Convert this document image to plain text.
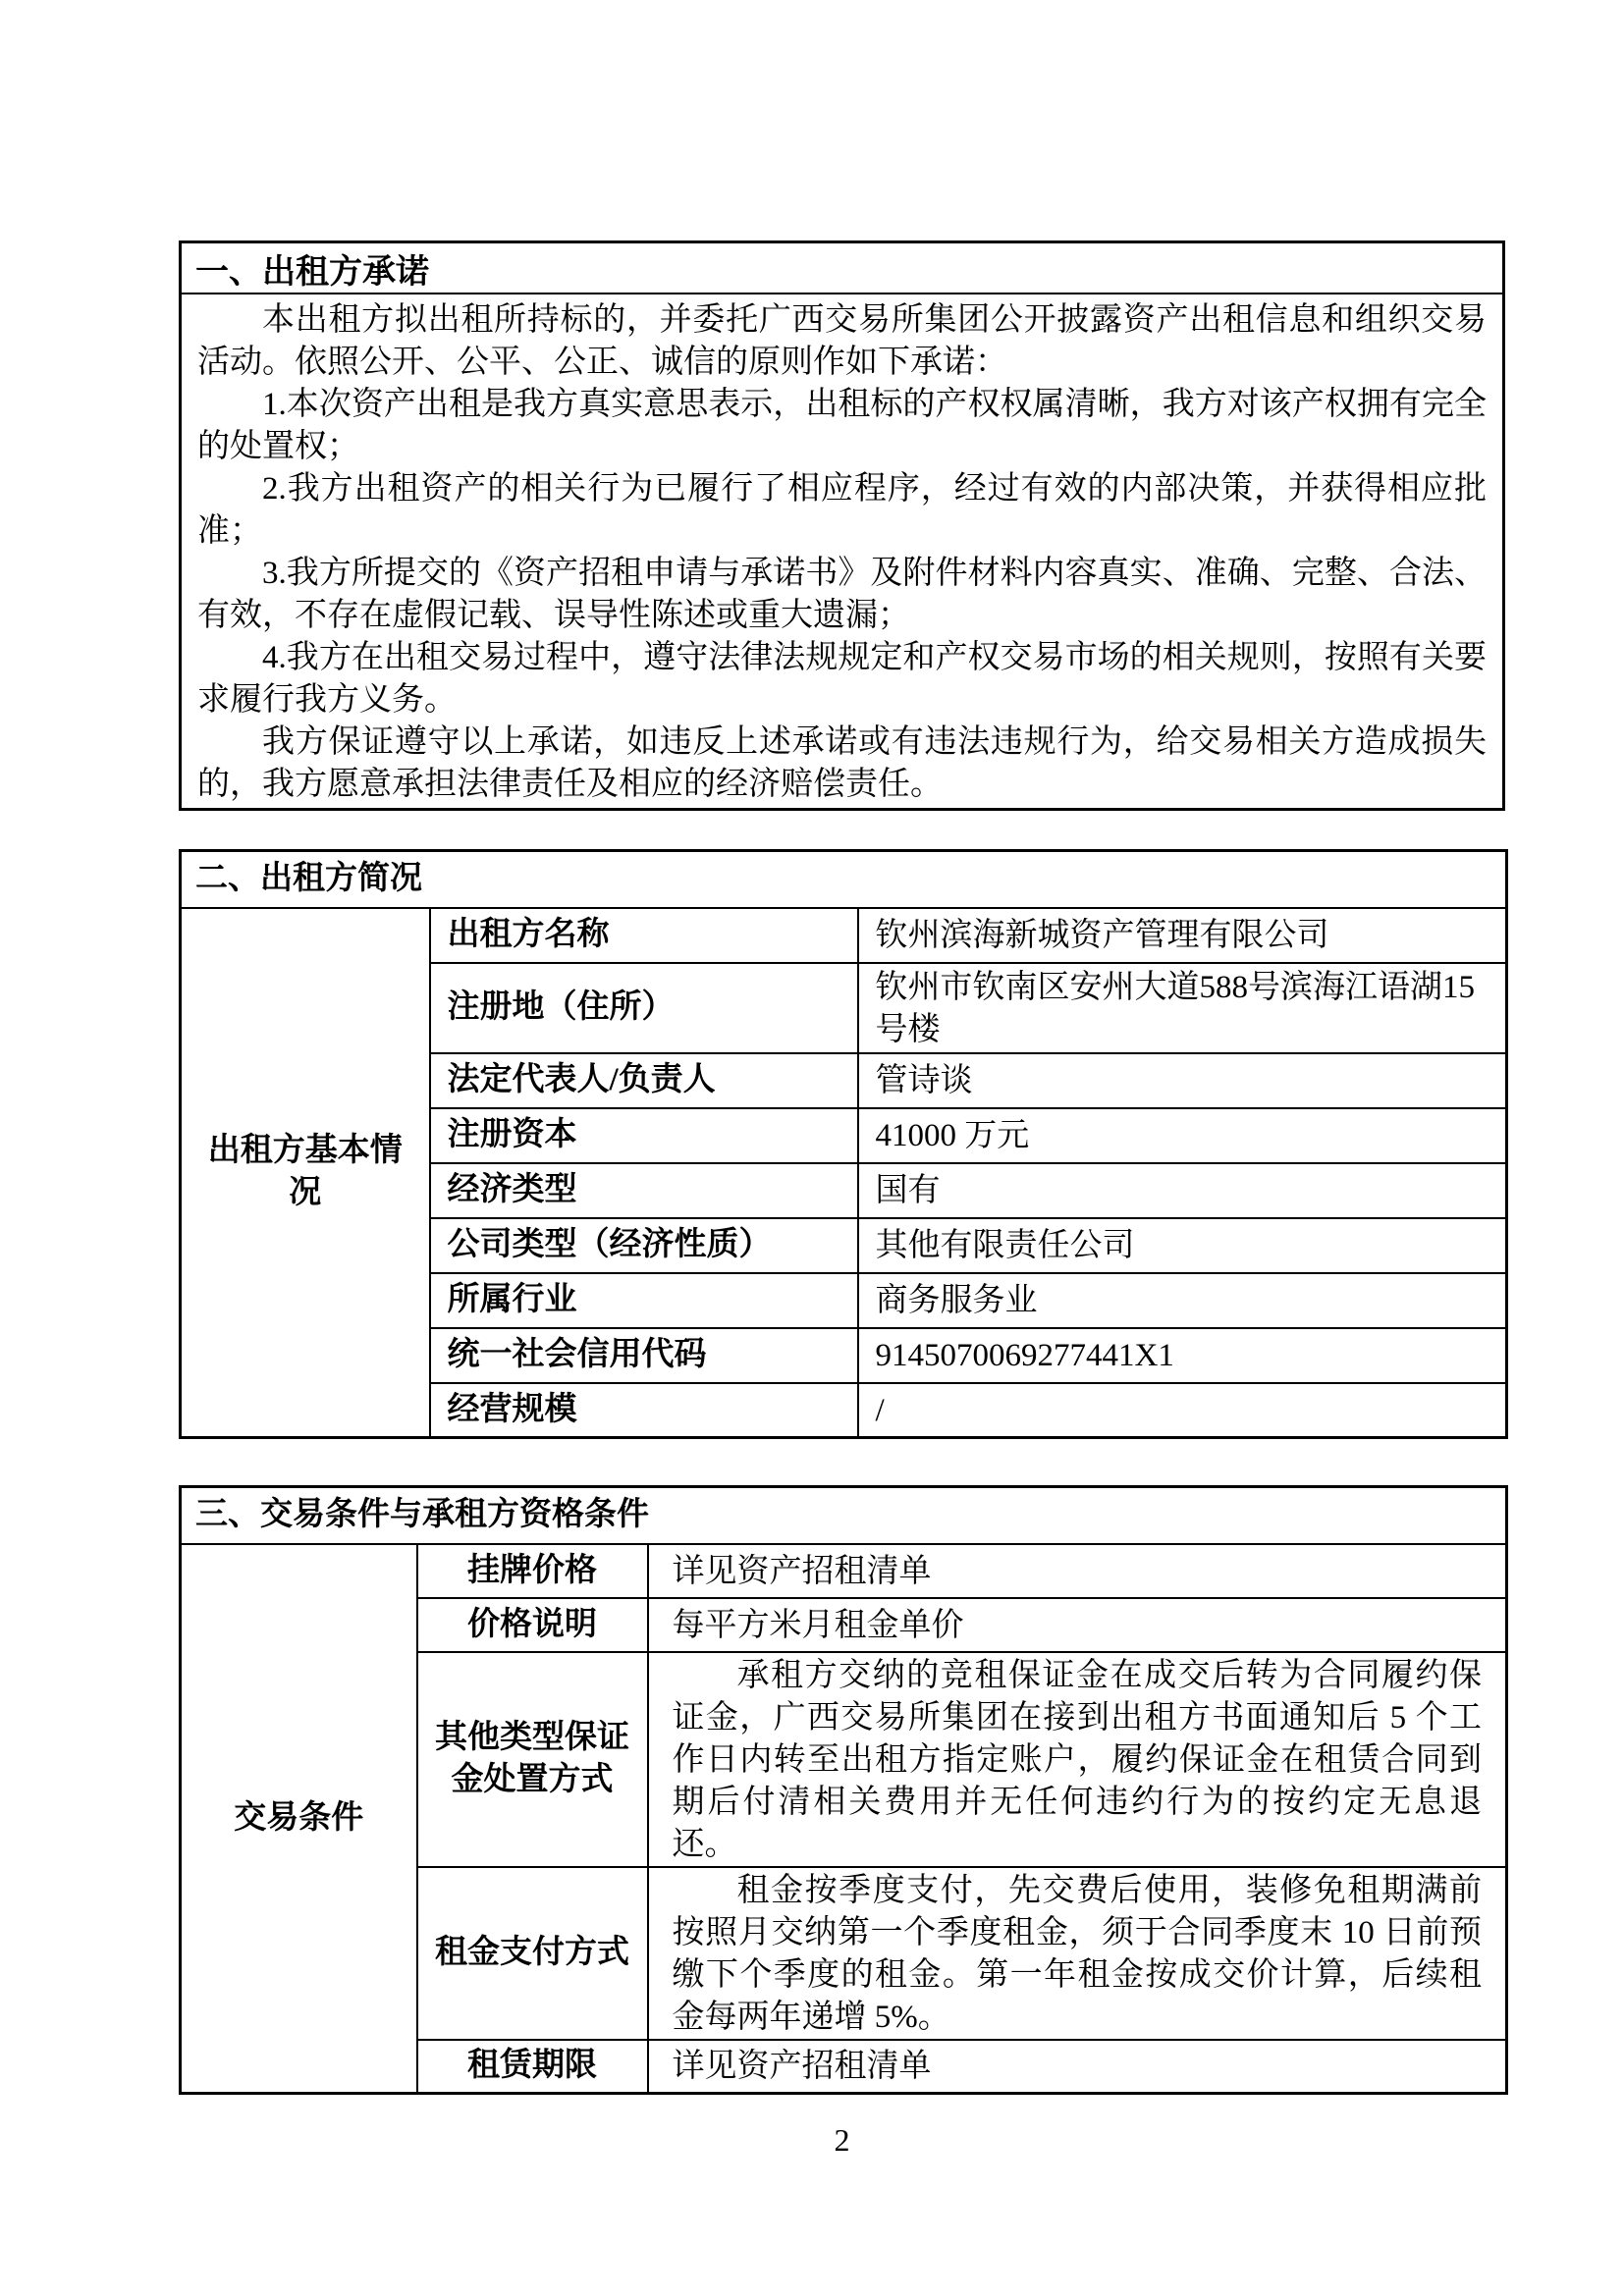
一、出租方承诺

本出租方拟出租所持标的，并委托广西交易所集团公开披露资产出租信息和组织交易活动。依照公开、公平、公正、诚信的原则作如下承诺：

1.本次资产出租是我方真实意思表示，出租标的产权权属清晰，我方对该产权拥有完全的处置权；

2.我方出租资产的相关行为已履行了相应程序，经过有效的内部决策，并获得相应批准；

3.我方所提交的《资产招租申请与承诺书》及附件材料内容真实、准确、完整、合法、有效，不存在虚假记载、误导性陈述或重大遗漏；

4.我方在出租交易过程中，遵守法律法规规定和产权交易市场的相关规则，按照有关要求履行我方义务。

我方保证遵守以上承诺，如违反上述承诺或有违法违规行为，给交易相关方造成损失的，我方愿意承担法律责任及相应的经济赔偿责任。

二、出租方简况		
出租方基本情况	出租方名称	钦州滨海新城资产管理有限公司
	注册地（住所）	钦州市钦南区安州大道588号滨海江语湖15号楼
	法定代表人/负责人	管诗谈
	注册资本	41000 万元
	经济类型	国有
	公司类型（经济性质）	其他有限责任公司
	所属行业	商务服务业
	统一社会信用代码	9145070069277441X1
	经营规模	/
三、交易条件与承租方资格条件		
交易条件	挂牌价格	详见资产招租清单
	价格说明	每平方米月租金单价
	其他类型保证金处置方式	承租方交纳的竞租保证金在成交后转为合同履约保证金，广西交易所集团在接到出租方书面通知后 5 个工作日内转至出租方指定账户，履约保证金在租赁合同到期后付清相关费用并无任何违约行为的按约定无息退还。

	租金支付方式	租金按季度支付，先交费后使用，装修免租期满前按照月交纳第一个季度租金，须于合同季度末 10 日前预缴下个季度的租金。第一年租金按成交价计算，后续租金每两年递增 5%。

	租赁期限	详见资产招租清单
2
